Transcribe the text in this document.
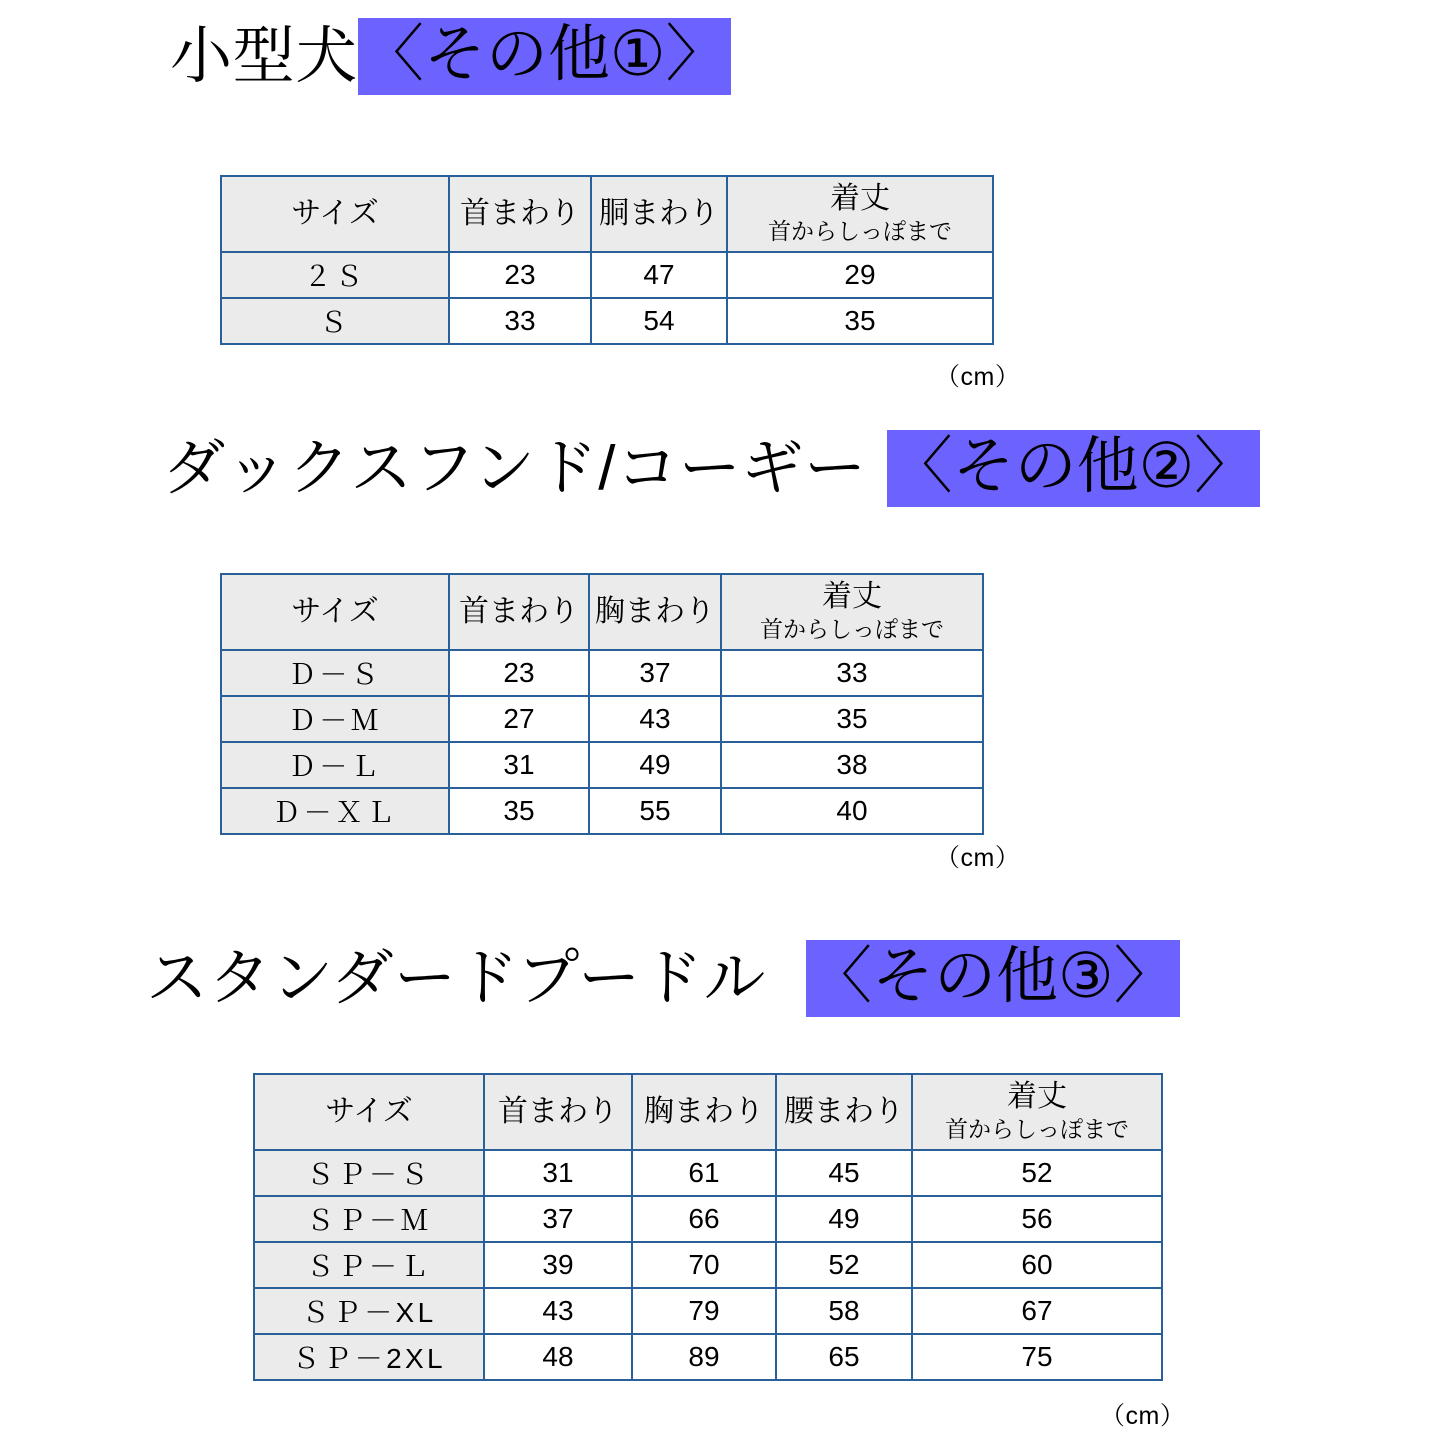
小型犬 〈その他①〉
サイズ	首まわり	胴まわり	着丈
首からしっぽまで

２Ｓ	23	47	29
Ｓ	33	54	35
（cm）
ダックスフンド/コーギー 〈その他②〉
サイズ	首まわり	胸まわり	着丈
首からしっぽまで

Ｄ－Ｓ	23	37	33
Ｄ－Ｍ	27	43	35
Ｄ－Ｌ	31	49	38
Ｄ－ＸＬ	35	55	40
（cm）
スタンダードプードル 〈その他③〉
サイズ	首まわり	胸まわり	腰まわり	着丈
首からしっぽまで

ＳＰ－Ｓ	31	61	45	52
ＳＰ－Ｍ	37	66	49	56
ＳＰ－Ｌ	39	70	52	60
ＳＰ－XL	43	79	58	67
ＳＰ－2XL	48	89	65	75
（cm）
